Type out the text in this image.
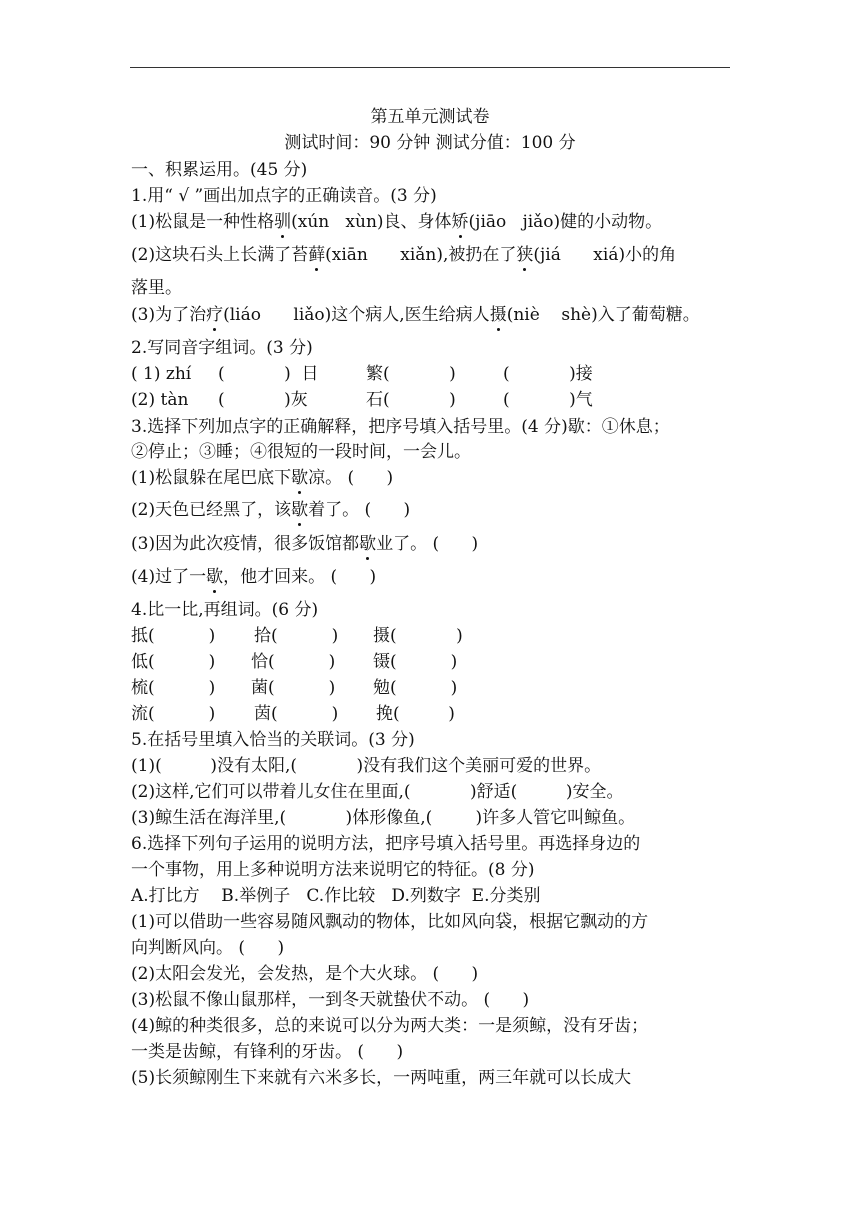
第五单元测试卷
测试时间：90 分钟 测试分值：100 分
一、积累运用。(45 分)
1.用“ √ ”画出加点字的正确读音。(3 分)
(1)松鼠是一种性格驯(xún   xùn)良、身体矫(jiāo   jiǎo)健的小动物。
(2)这块石头上长满了苔藓(xiān      xiǎn),被扔在了狭(jiá      xiá)小的角
落里。
(3)为了治疗(liáo      liǎo)这个病人,医生给病人摄(niè    shè)入了葡萄糖。
2.写同音字组词。(3 分)
( 1) zhí (           )  日	繁(           )	(           )接
(2) tàn (           )灰	石(           )	(           )气
3.选择下列加点字的正确解释，把序号填入括号里。(4 分)歇：①休息；
②停止；③睡；④很短的一段时间，一会儿。
(1)松鼠躲在尾巴底下歇凉。 (      )
(2)天色已经黑了，该歇着了。 (      )
(3)因为此次疫情，很多饭馆都歇业了。 (      )
(4)过了一歇，他才回来。 (      )
4.比一比,再组词。(6 分)
抵(          ) 拾(          ) 摄(           )
低(          ) 恰(          ) 镊(          )
梳(          ) 菌(          ) 勉(          )
流(          ) 茵(          ) 挽(         )
5.在括号里填入恰当的关联词。(3 分)
(1)(         )没有太阳,(           )没有我们这个美丽可爱的世界。
(2)这样,它们可以带着儿女住在里面,(           )舒适(         )安全。
(3)鲸生活在海洋里,(           )体形像鱼,(        )许多人管它叫鲸鱼。
6.选择下列句子运用的说明方法，把序号填入括号里。再选择身边的
一个事物，用上多种说明方法来说明它的特征。(8 分)
A.打比方    B.举例子   C.作比较   D.列数字  E.分类别
(1)可以借助一些容易随风飘动的物体，比如风向袋，根据它飘动的方
向判断风向。 (      )
(2)太阳会发光，会发热，是个大火球。 (      )
(3)松鼠不像山鼠那样，一到冬天就蛰伏不动。 (      )
(4)鲸的种类很多，总的来说可以分为两大类：一是须鲸，没有牙齿；
一类是齿鲸，有锋利的牙齿。 (      )
(5)长须鲸刚生下来就有六米多长，一两吨重，两三年就可以长成大
